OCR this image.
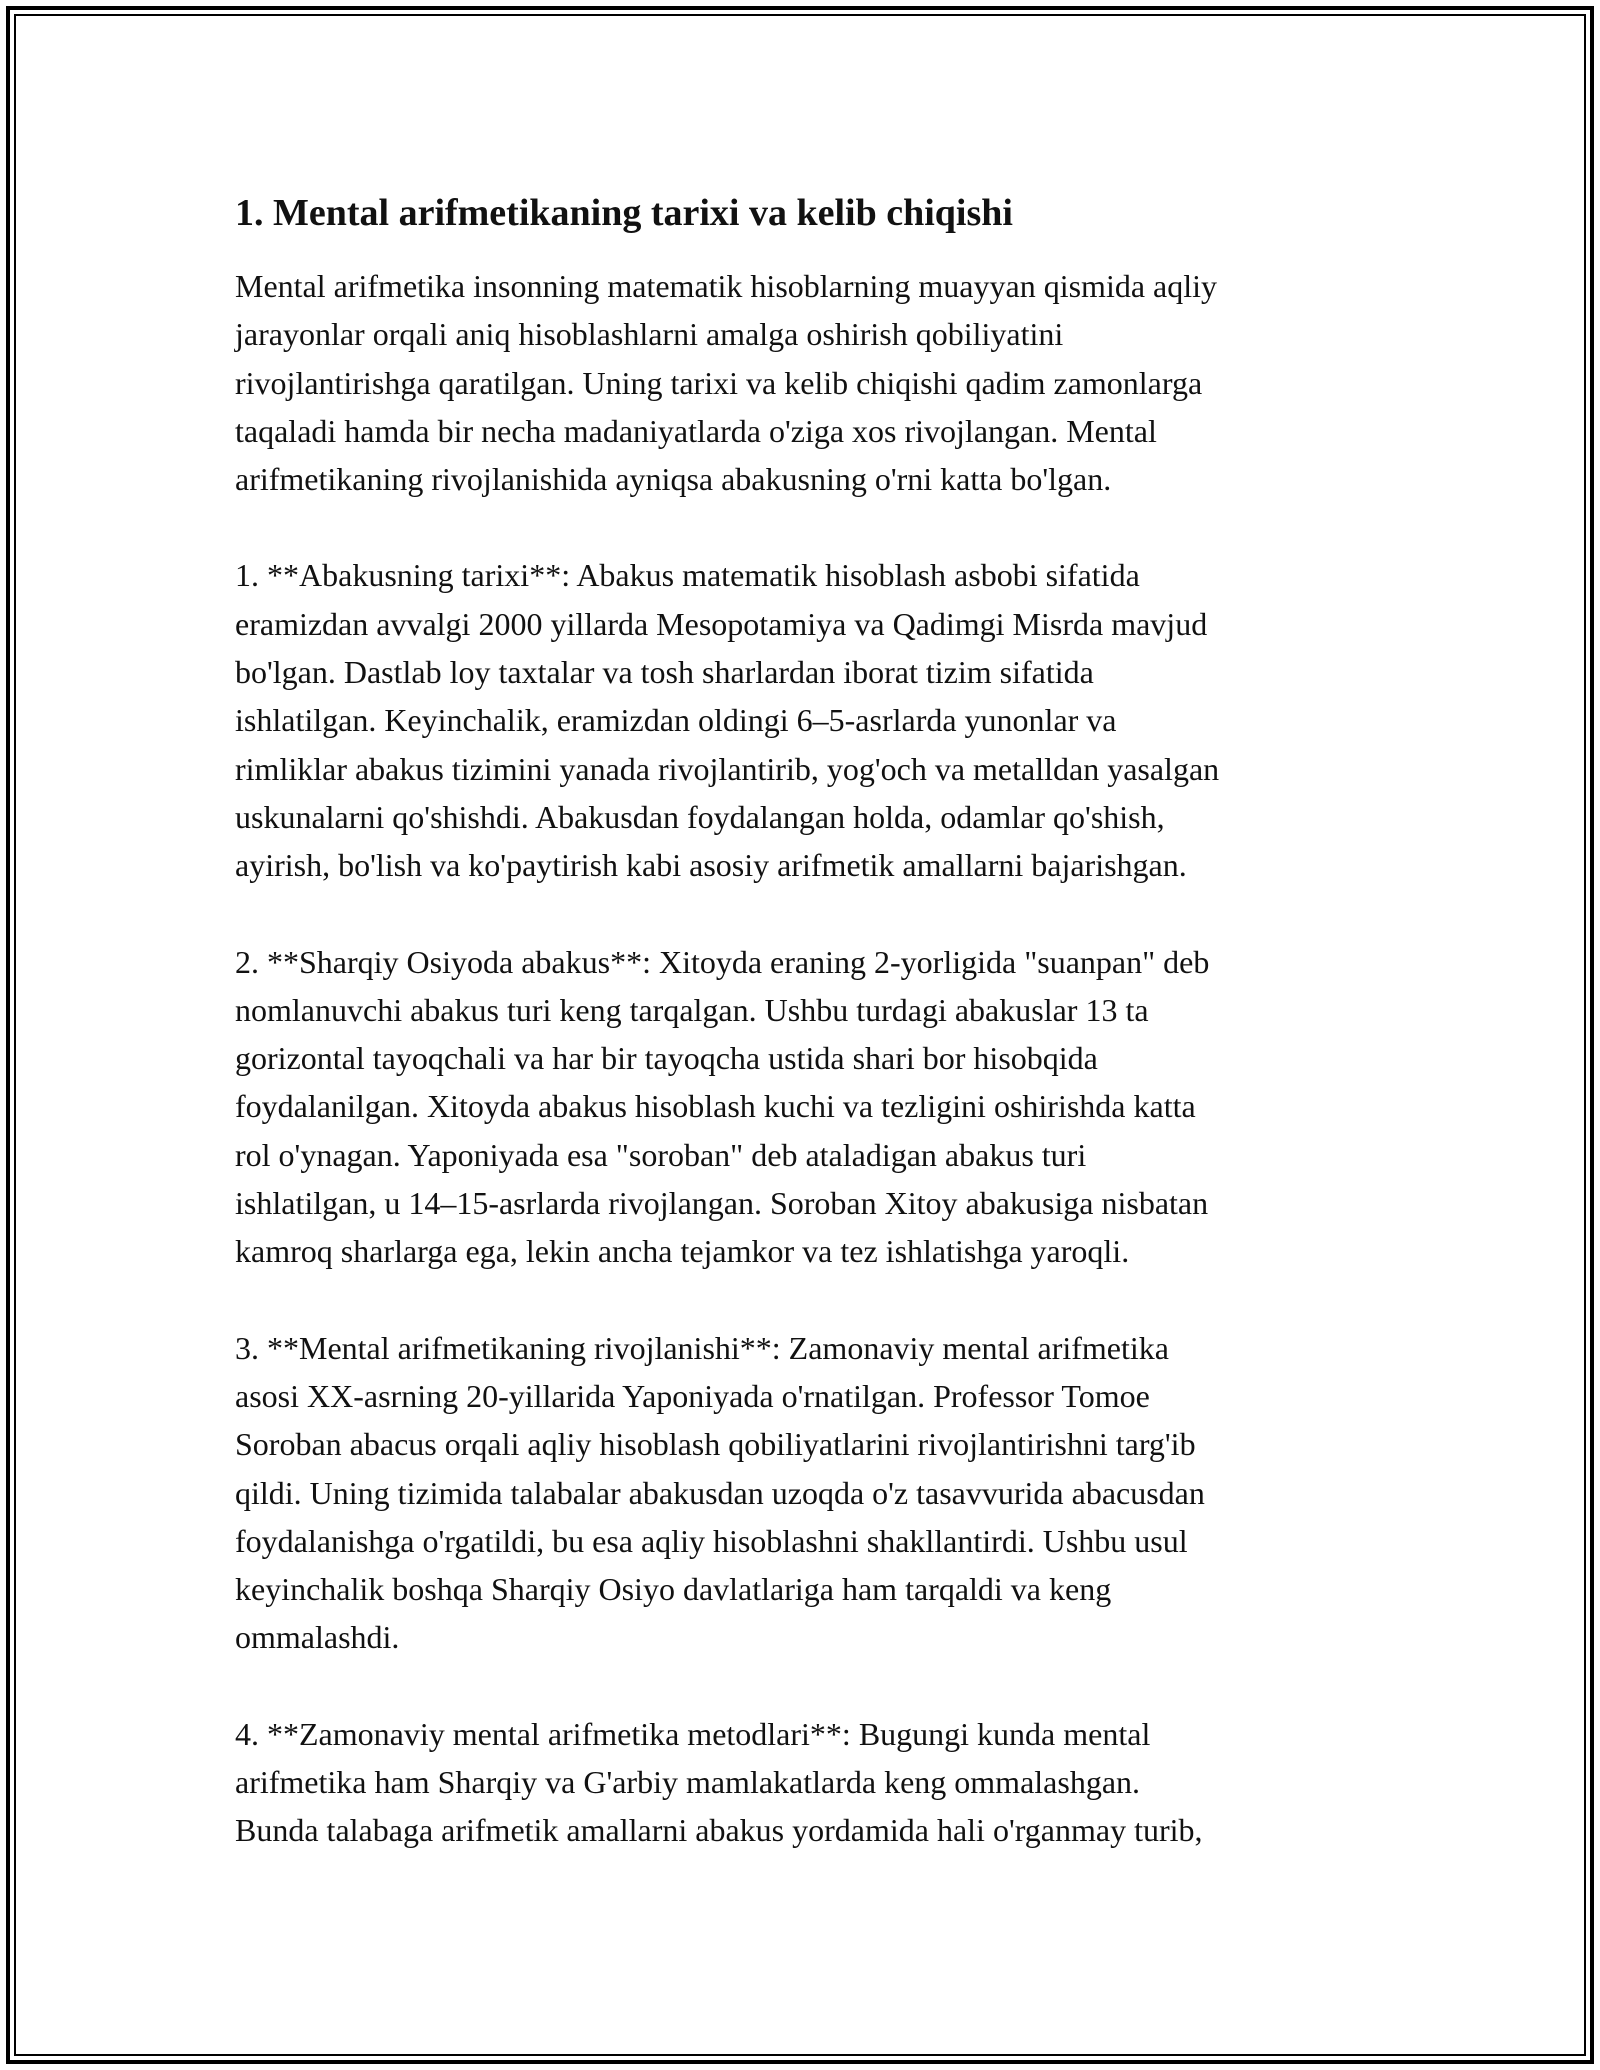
1. Mental arifmetikaning tarixi va kelib chiqishi

Mental arifmetika insonning matematik hisoblarning muayyan qismida aqliy
jarayonlar orqali aniq hisoblashlarni amalga oshirish qobiliyatini
rivojlantirishga qaratilgan. Uning tarixi va kelib chiqishi qadim zamonlarga
taqaladi hamda bir necha madaniyatlarda o'ziga xos rivojlangan. Mental
arifmetikaning rivojlanishida ayniqsa abakusning o'rni katta bo'lgan.

1. **Abakusning tarixi**: Abakus matematik hisoblash asbobi sifatida
eramizdan avvalgi 2000 yillarda Mesopotamiya va Qadimgi Misrda mavjud
bo'lgan. Dastlab loy taxtalar va tosh sharlardan iborat tizim sifatida
ishlatilgan. Keyinchalik, eramizdan oldingi 6–5-asrlarda yunonlar va
rimliklar abakus tizimini yanada rivojlantirib, yog'och va metalldan yasalgan
uskunalarni qo'shishdi. Abakusdan foydalangan holda, odamlar qo'shish,
ayirish, bo'lish va ko'paytirish kabi asosiy arifmetik amallarni bajarishgan.

2. **Sharqiy Osiyoda abakus**: Xitoyda eraning 2-yorligida "suanpan" deb
nomlanuvchi abakus turi keng tarqalgan. Ushbu turdagi abakuslar 13 ta
gorizontal tayoqchali va har bir tayoqcha ustida shari bor hisobqida
foydalanilgan. Xitoyda abakus hisoblash kuchi va tezligini oshirishda katta
rol o'ynagan. Yaponiyada esa "soroban" deb ataladigan abakus turi
ishlatilgan, u 14–15-asrlarda rivojlangan. Soroban Xitoy abakusiga nisbatan
kamroq sharlarga ega, lekin ancha tejamkor va tez ishlatishga yaroqli.

3. **Mental arifmetikaning rivojlanishi**: Zamonaviy mental arifmetika
asosi XX-asrning 20-yillarida Yaponiyada o'rnatilgan. Professor Tomoe
Soroban abacus orqali aqliy hisoblash qobiliyatlarini rivojlantirishni targ'ib
qildi. Uning tizimida talabalar abakusdan uzoqda o'z tasavvurida abacusdan
foydalanishga o'rgatildi, bu esa aqliy hisoblashni shakllantirdi. Ushbu usul
keyinchalik boshqa Sharqiy Osiyo davlatlariga ham tarqaldi va keng
ommalashdi.

4. **Zamonaviy mental arifmetika metodlari**: Bugungi kunda mental
arifmetika ham Sharqiy va G'arbiy mamlakatlarda keng ommalashgan.
Bunda talabaga arifmetik amallarni abakus yordamida hali o'rganmay turib,
